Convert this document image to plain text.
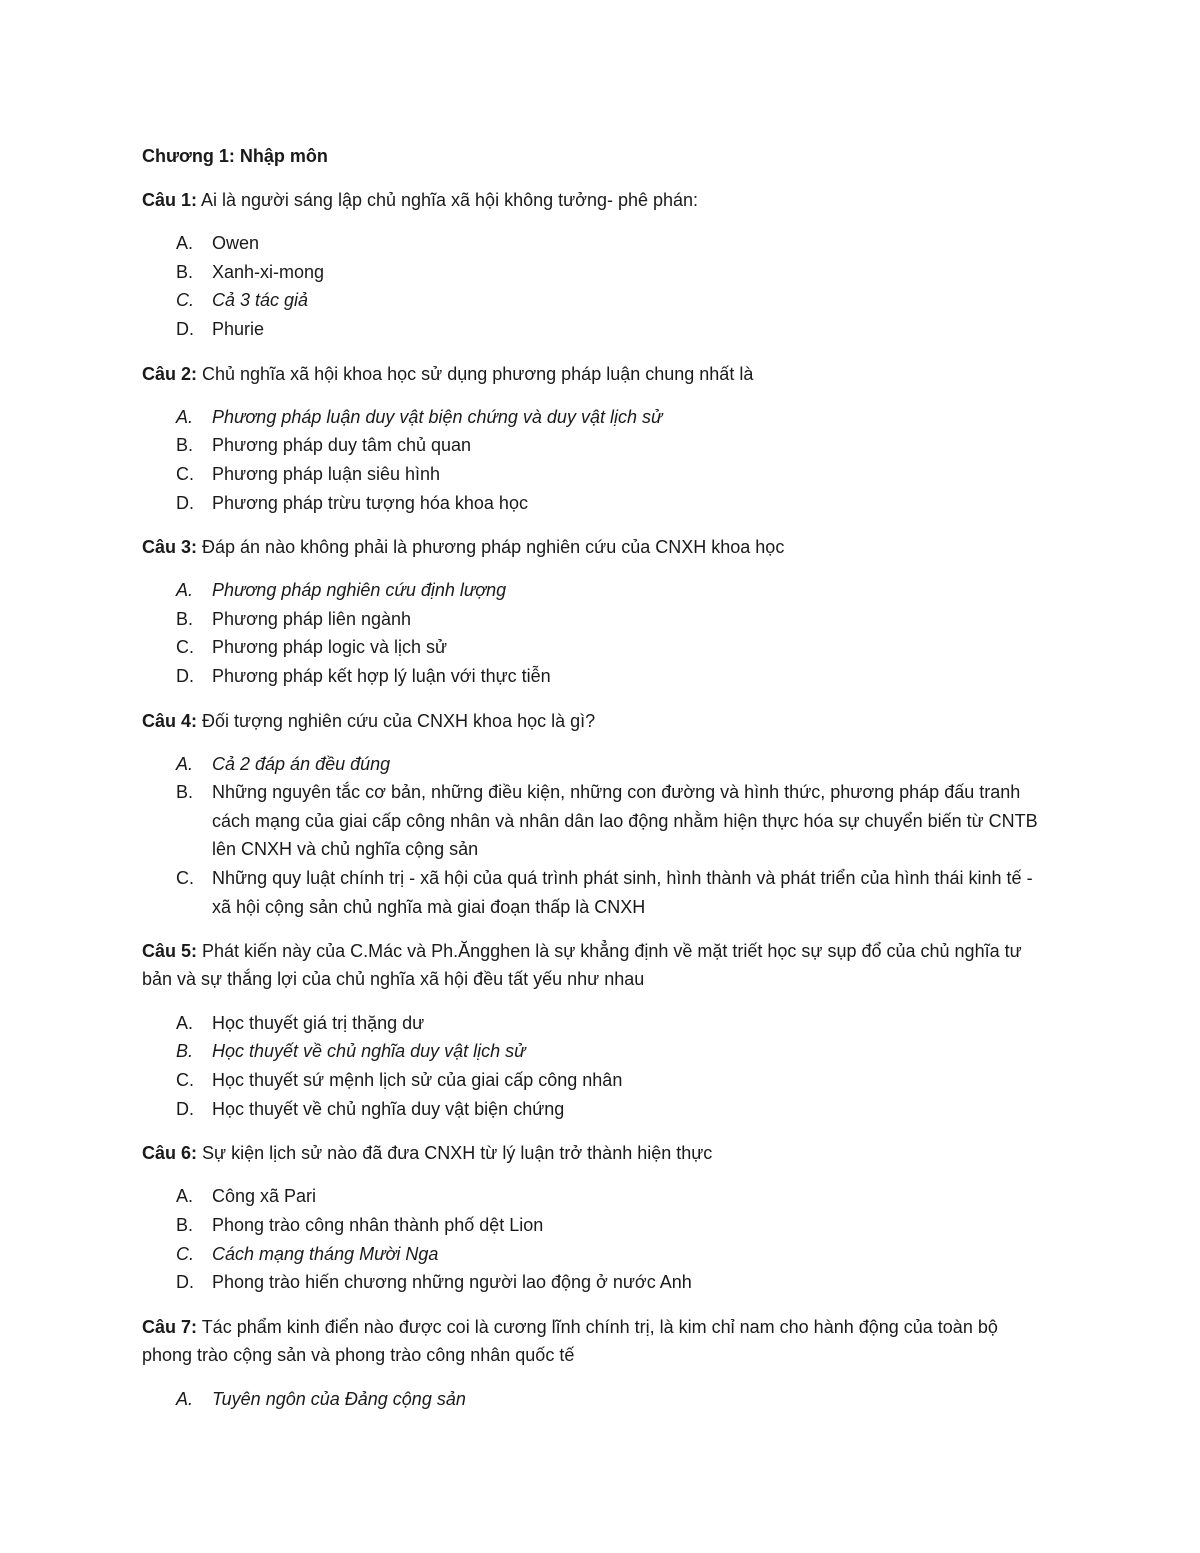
Chương 1: Nhập môn
Câu 1: Ai là người sáng lập chủ nghĩa xã hội không tưởng- phê phán:
A.	Owen
B.	Xanh-xi-mong
C.	Cả 3 tác giả
D.	Phurie
Câu 2: Chủ nghĩa xã hội khoa học sử dụng phương pháp luận chung nhất là
A.	Phương pháp luận duy vật biện chứng và duy vật lịch sử
B.	Phương pháp duy tâm chủ quan
C.	Phương pháp luận siêu hình
D.	Phương pháp trừu tượng hóa khoa học
Câu 3: Đáp án nào không phải là phương pháp nghiên cứu của CNXH khoa học
A.	Phương pháp nghiên cứu định lượng
B.	Phương pháp liên ngành
C.	Phương pháp logic và lịch sử
D.	Phương pháp kết hợp lý luận với thực tiễn
Câu 4: Đối tượng nghiên cứu của CNXH khoa học là gì?
A.	Cả 2 đáp án đều đúng
B.	Những nguyên tắc cơ bản, những điều kiện, những con đường và hình thức, phương pháp đấu tranh cách mạng của giai cấp công nhân và nhân dân lao động nhằm hiện thực hóa sự chuyển biến từ CNTB lên CNXH và chủ nghĩa cộng sản
C.	Những quy luật chính trị - xã hội của quá trình phát sinh, hình thành và phát triển của hình thái kinh tế - xã hội cộng sản chủ nghĩa mà giai đoạn thấp là CNXH
Câu 5: Phát kiến này của C.Mác và Ph.Ăngghen là sự khẳng định về mặt triết học sự sụp đổ của chủ nghĩa tư bản và sự thắng lợi của chủ nghĩa xã hội đều tất yếu như nhau
A.	Học thuyết giá trị thặng dư
B.	Học thuyết về chủ nghĩa duy vật lịch sử
C.	Học thuyết sứ mệnh lịch sử của giai cấp công nhân
D.	Học thuyết về chủ nghĩa duy vật biện chứng
Câu 6: Sự kiện lịch sử nào đã đưa CNXH từ lý luận trở thành hiện thực
A.	Công xã Pari
B.	Phong trào công nhân thành phố dệt Lion
C.	Cách mạng tháng Mười Nga
D.	Phong trào hiến chương những người lao động ở nước Anh
Câu 7: Tác phẩm kinh điển nào được coi là cương lĩnh chính trị, là kim chỉ nam cho hành động của toàn bộ phong trào cộng sản và phong trào công nhân quốc tế
A.	Tuyên ngôn của Đảng cộng sản
